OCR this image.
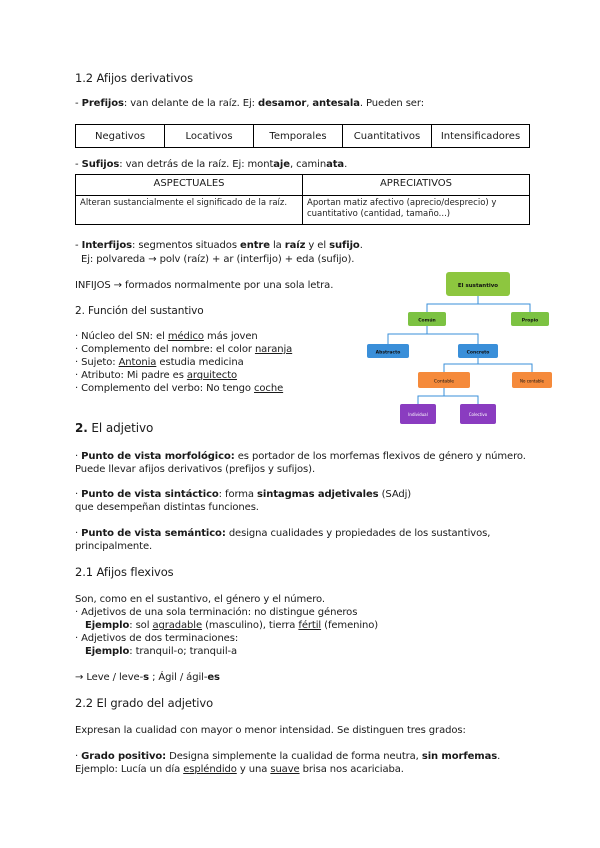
1.2 Afijos derivativos
- Prefijos: van delante de la raíz. Ej: desamor, antesala. Pueden ser:
Negativos	Locativos	Temporales	Cuantitativos	Intensificadores
- Sufijos: van detrás de la raíz. Ej: montaje, caminata.
ASPECTUALES	APRECIATIVOS
Alteran sustancialmente el significado de la raíz.	Aportan matiz afectivo (aprecio/desprecio) y cuantitativo (cantidad, tamaño...)
- Interfijos: segmentos situados entre la raíz y el sufijo.
Ej: polvareda → polv (raíz) + ar (interfijo) + eda (sufijo).
INFIJOS → formados normalmente por una sola letra.
2. Función del sustantivo
· Núcleo del SN: el médico más joven
· Complemento del nombre: el color naranja
· Sujeto: Antonia estudia medicina
· Atributo: Mi padre es arquitecto
· Complemento del verbo: No tengo coche
El sustantivo
Común	Propio
Abstracto	Concreto
Contable	No contable
Individual	Colectivo
2. El adjetivo
· Punto de vista morfológico: es portador de los morfemas flexivos de género y número.
Puede llevar afijos derivativos (prefijos y sufijos).
· Punto de vista sintáctico: forma sintagmas adjetivales (SAdj)
que desempeñan distintas funciones.
· Punto de vista semántico: designa cualidades y propiedades de los sustantivos,
principalmente.
2.1 Afijos flexivos
Son, como en el sustantivo, el género y el número.
· Adjetivos de una sola terminación: no distingue géneros
Ejemplo: sol agradable (masculino), tierra fértil (femenino)
· Adjetivos de dos terminaciones:
Ejemplo: tranquil-o; tranquil-a
→ Leve / leve-s ; Ágil / ágil-es
2.2 El grado del adjetivo
Expresan la cualidad con mayor o menor intensidad. Se distinguen tres grados:
· Grado positivo: Designa simplemente la cualidad de forma neutra, sin morfemas.
Ejemplo: Lucía un día espléndido y una suave brisa nos acariciaba.
